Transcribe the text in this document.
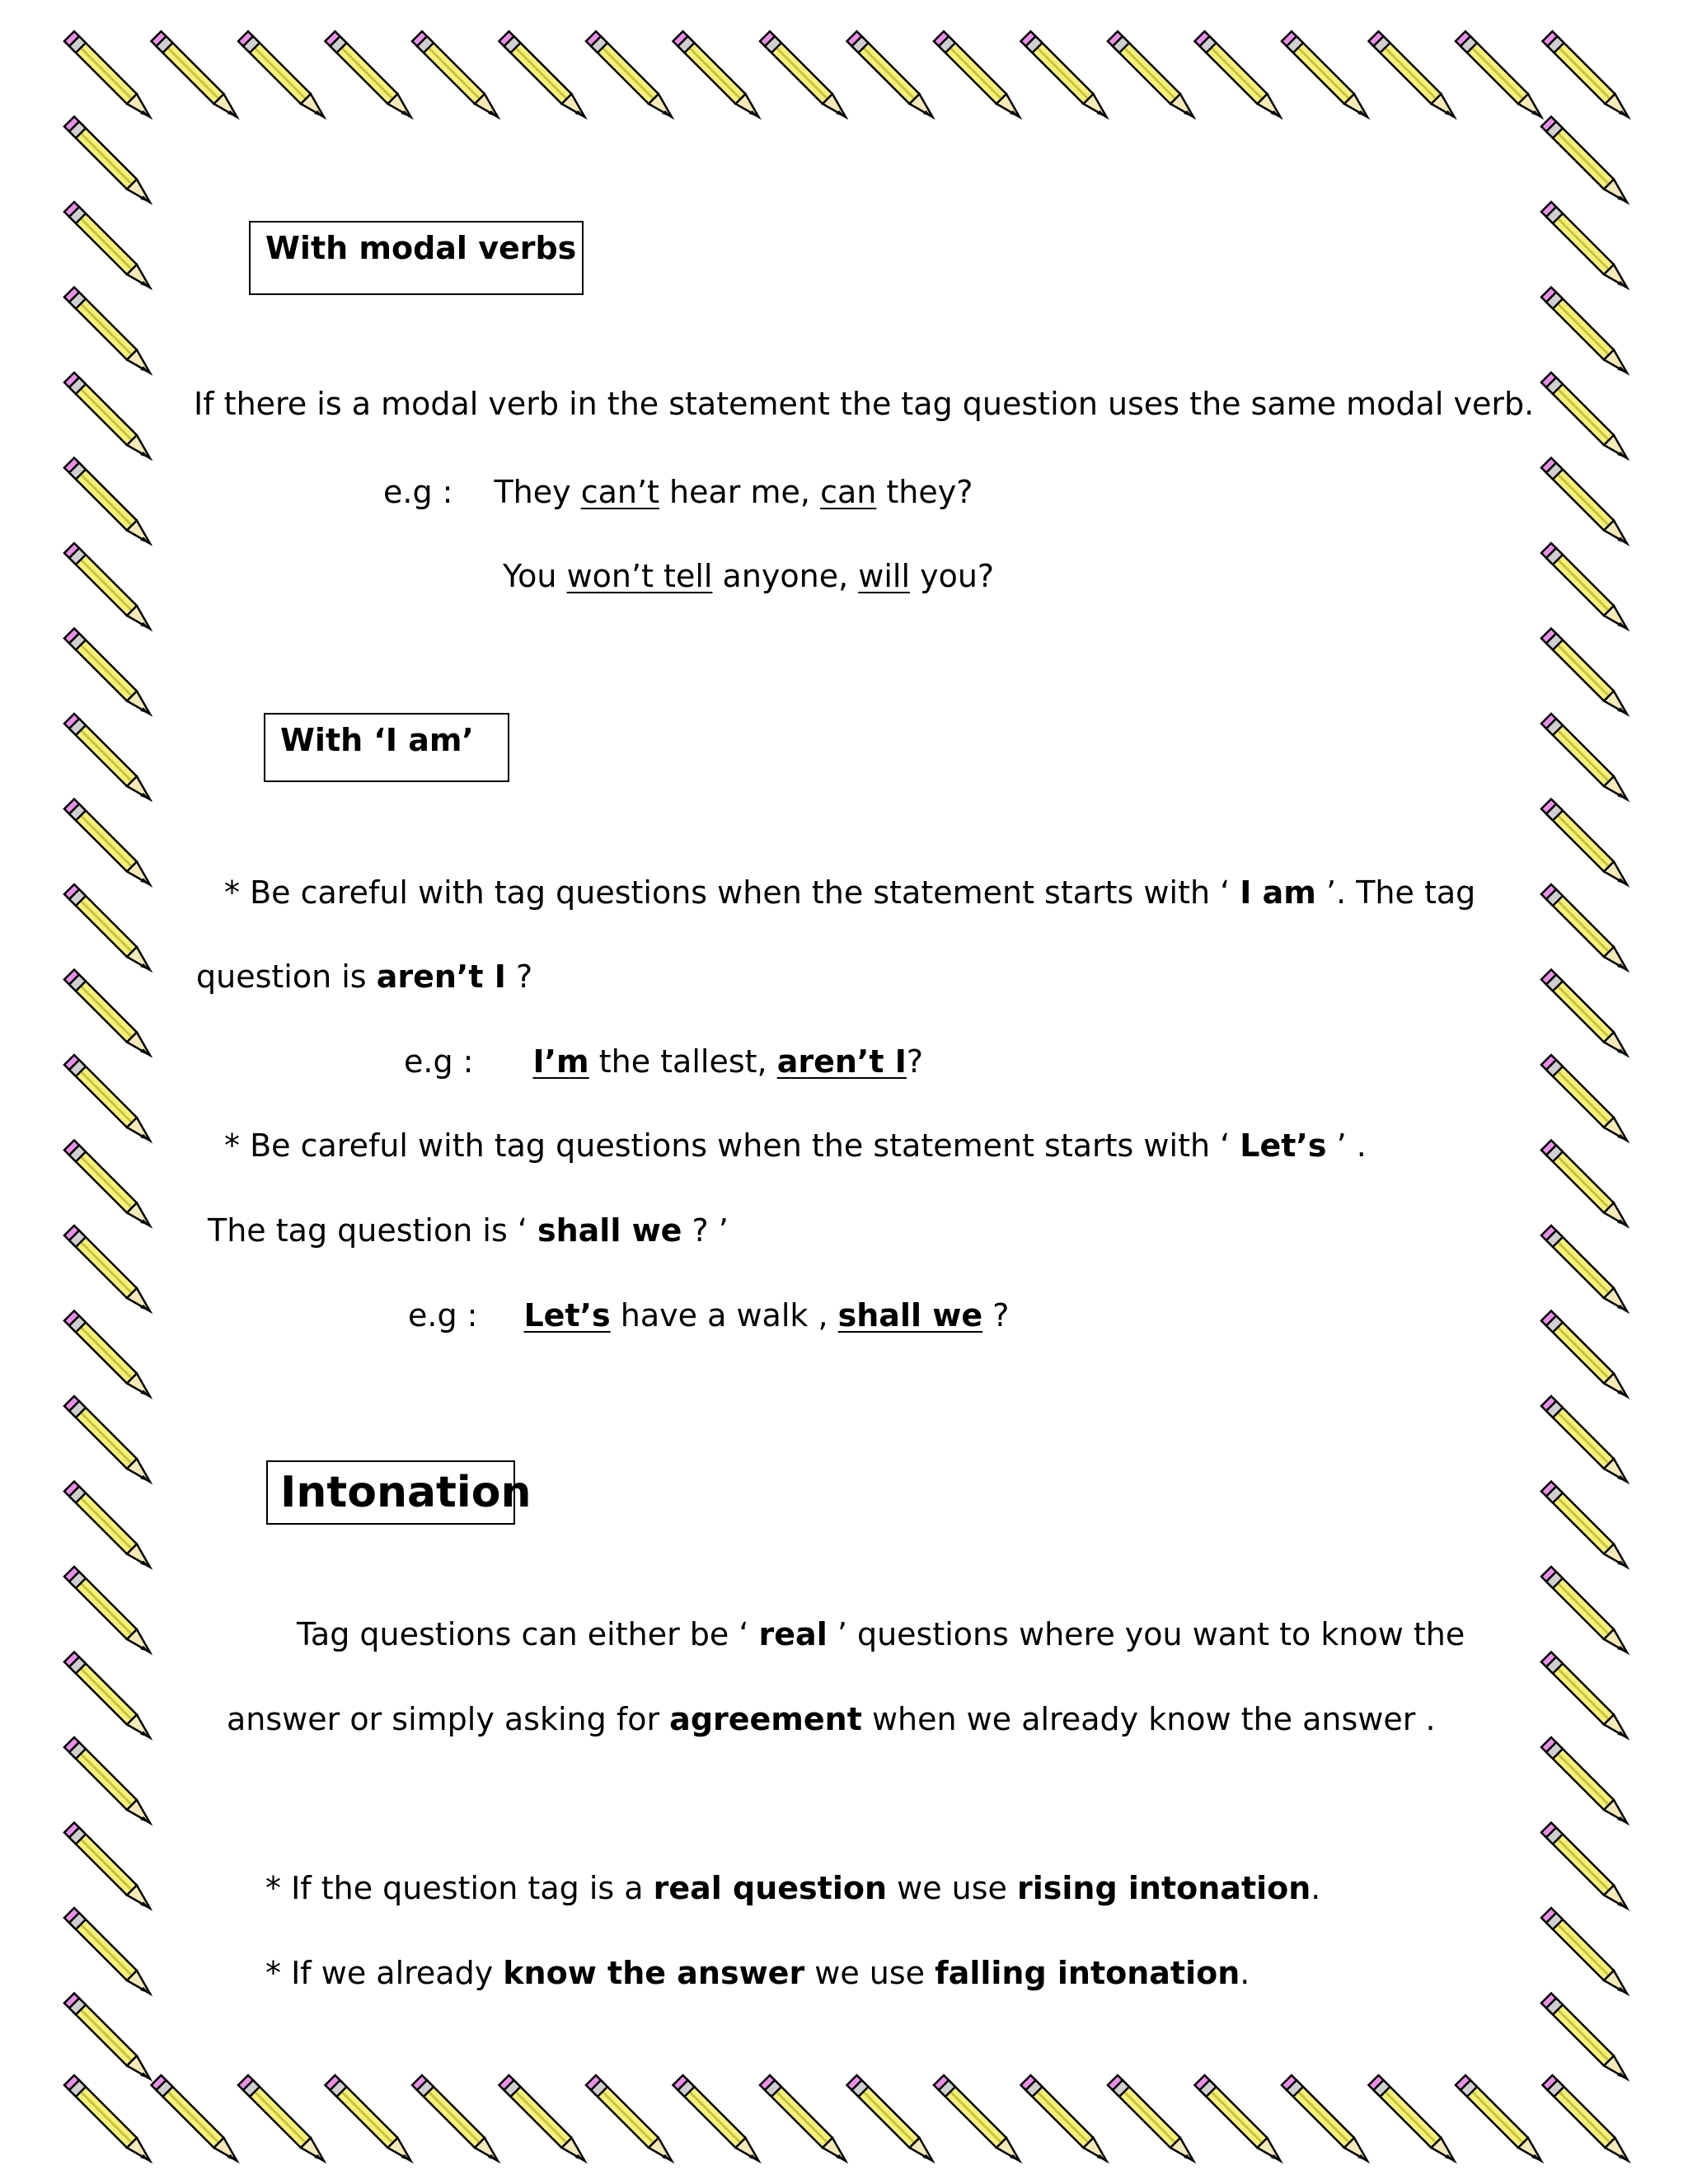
With modal verbs
If there is a modal verb in the statement the tag question uses the same modal verb.
e.g : They can’t hear me, can they?
You won’t tell anyone, will you?
With ‘I am’
* Be careful with tag questions when the statement starts with ‘ I am ’. The tag
question is aren’t I ?
e.g : I’m the tallest, aren’t I?
* Be careful with tag questions when the statement starts with ‘ Let’s ’ .
The tag question is ‘ shall we ? ’
e.g : Let’s have a walk , shall we ?
Intonation
Tag questions can either be ‘ real ’ questions where you want to know the
answer or simply asking for agreement when we already know the answer .
* If the question tag is a real question we use rising intonation.
* If we already know the answer we use falling intonation.
